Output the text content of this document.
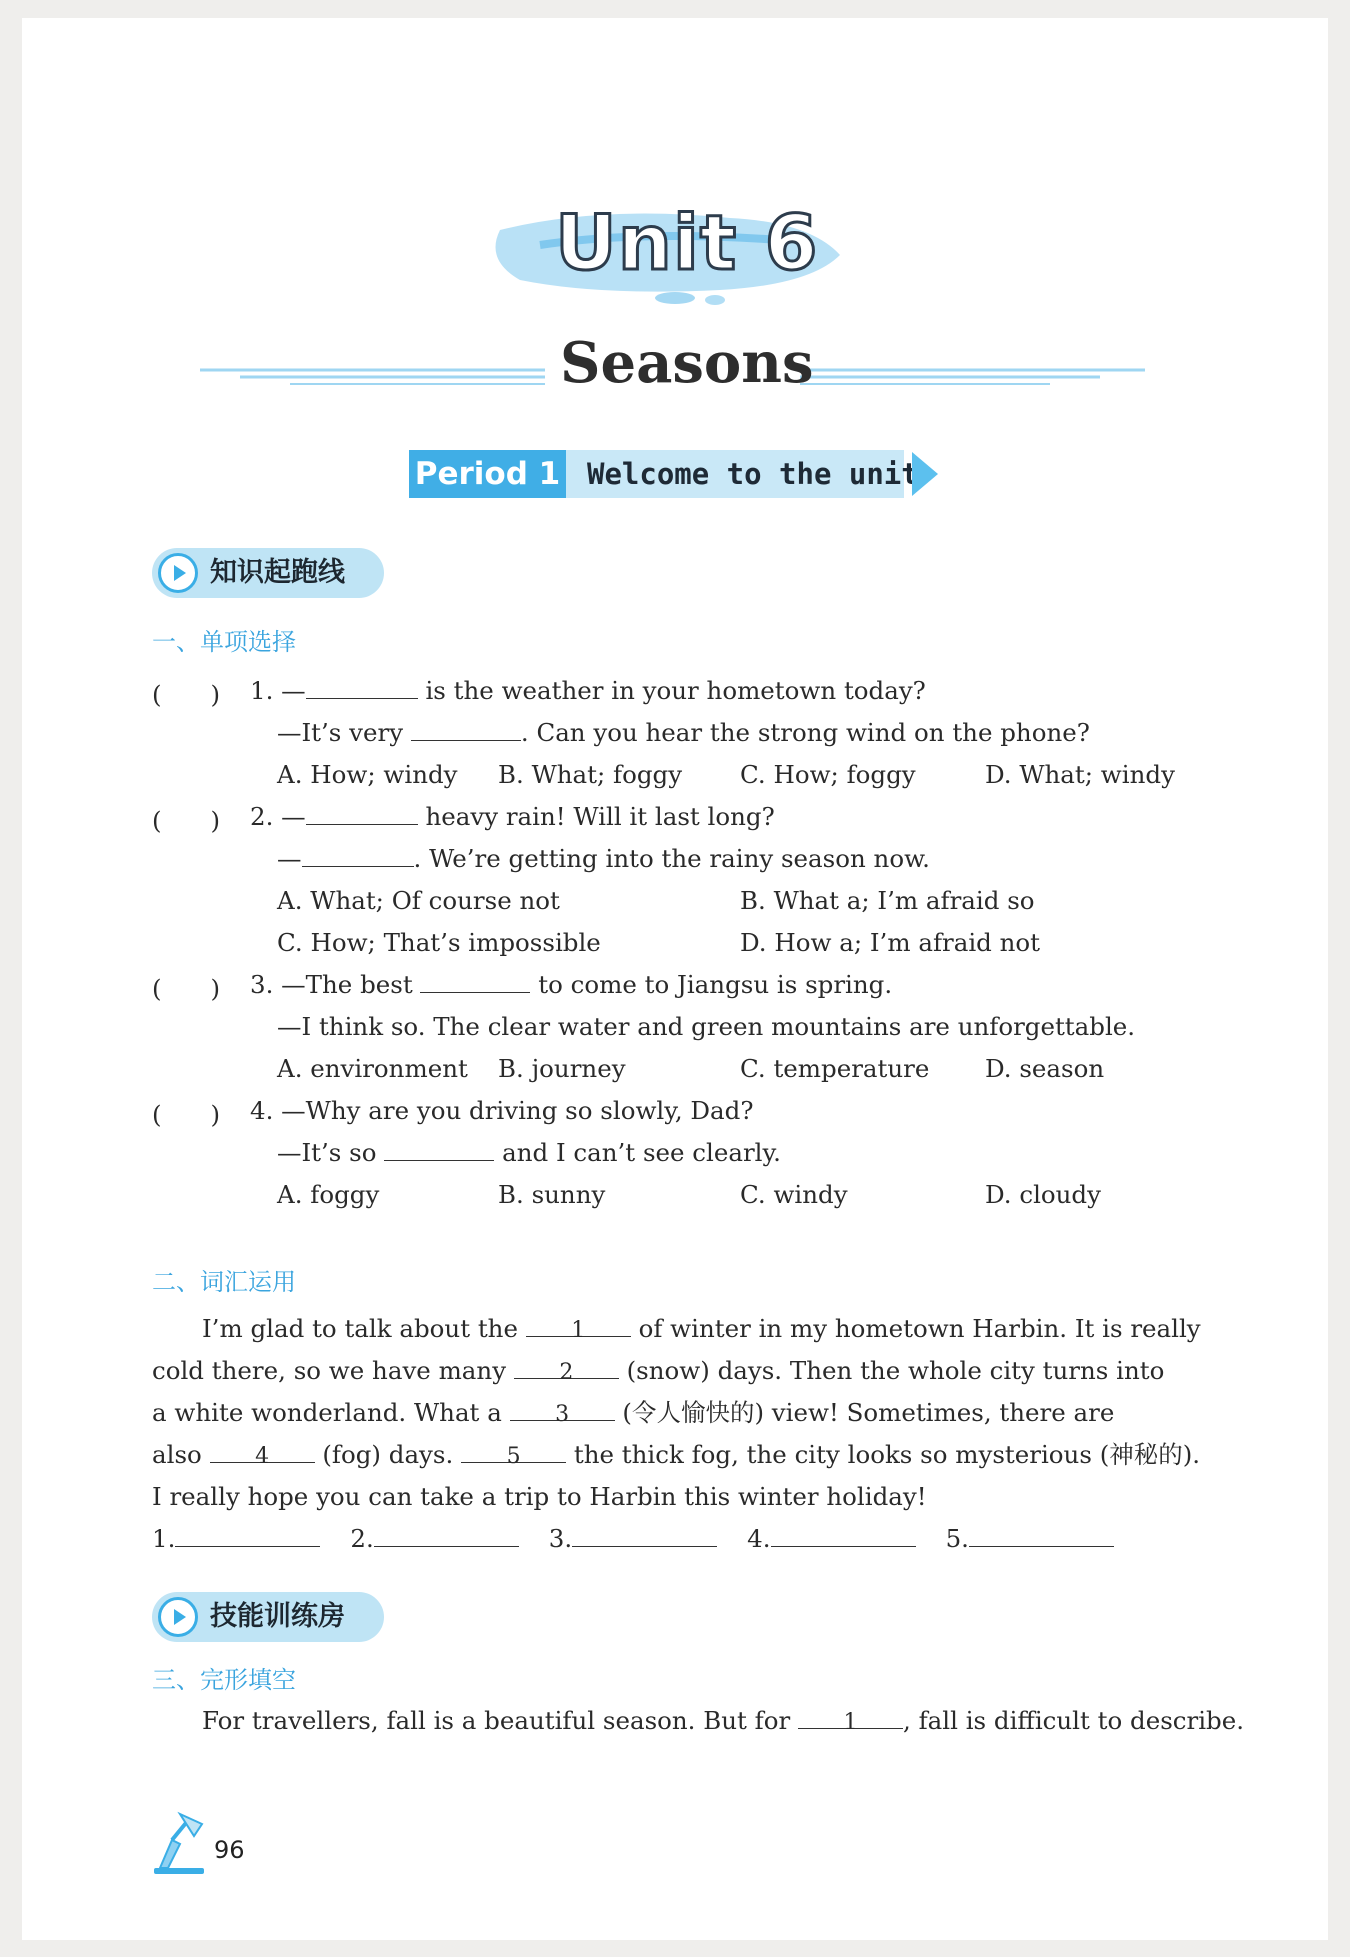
Unit 6
Seasons
Period 1 Welcome to the unit
知识起跑线
一、单项选择
(　　) 1. —	is the weather in your hometown today?
—It’s very	. Can you hear the strong wind on the phone?
A. How; windy B. What; foggy C. How; foggy	D. What; windy
(　　) 2. —	heavy rain! Will it last long?
—	. We’re getting into the rainy season now.
A. What; Of course not	B. What a; I’m afraid so
C. How; That’s impossible	D. How a; I’m afraid not
(　　) 3. —The best	to come to Jiangsu is spring.
—I think so. The clear water and green mountains are unforgettable.
A. environment B. journey	C. temperature D. season
(　　) 4. —Why are you driving so slowly, Dad?
—It’s so	and I can’t see clearly.
A. foggy	B. sunny	C. windy	D. cloudy
二、词汇运用
I’m glad to talk about the 1 of winter in my hometown Harbin. It is really
cold there, so we have many 2 (snow) days. Then the whole city turns into
a white wonderland. What a 3 (令人愉快的) view! Sometimes, there are
also 4 (fog) days. 5 the thick fog, the city looks so mysterious (神秘的).
I really hope you can take a trip to Harbin this winter holiday!
1.	2.	3.	4.	5.
技能训练房
三、完形填空
For travellers, fall is a beautiful season. But for 1 , fall is difficult to describe.
96
